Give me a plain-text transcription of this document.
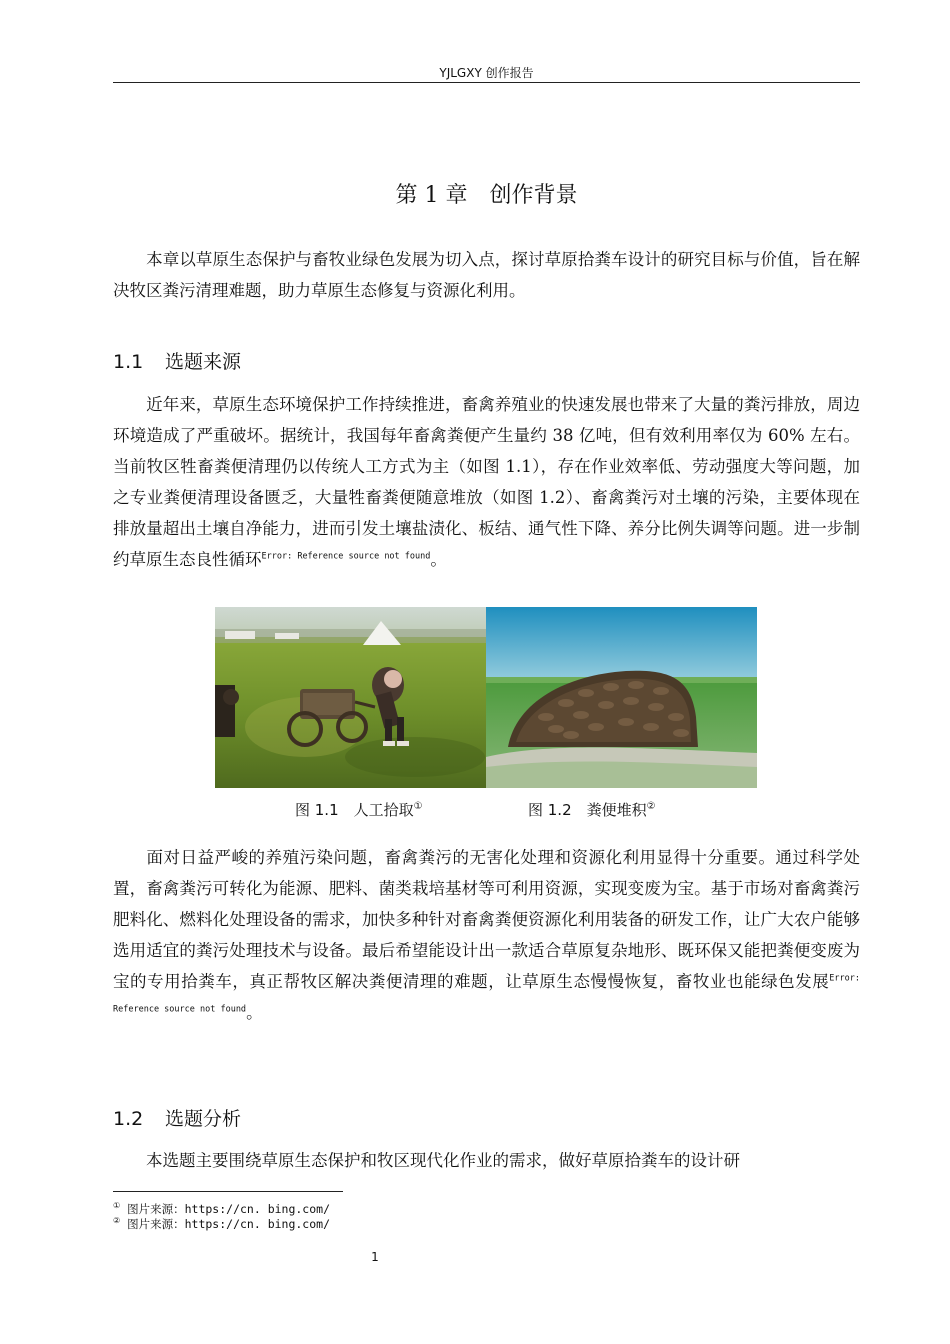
YJLGXY 创作报告
第 1 章 创作背景

本章以草原生态保护与畜牧业绿色发展为切入点，探讨草原拾粪车设计的研究目标与价值，旨在解决牧区粪污清理难题，助力草原生态修复与资源化利用。

1.1 选题来源

近年来，草原生态环境保护工作持续推进，畜禽养殖业的快速发展也带来了大量的粪污排放，周边环境造成了严重破坏。据统计，我国每年畜禽粪便产生量约 38 亿吨，但有效利用率仅为 60% 左右。当前牧区牲畜粪便清理仍以传统人工方式为主（如图 1.1），存在作业效率低、劳动强度大等问题，加之专业粪便清理设备匮乏，大量牲畜粪便随意堆放（如图 1.2）、畜禽粪污对土壤的污染，主要体现在排放量超出土壤自净能力，进而引发土壤盐渍化、板结、通气性下降、养分比例失调等问题。进一步制约草原生态良性循环$^{Error: Reference source not found}$。

图 1.1　人工拾取①	图 1.2　粪便堆积②

面对日益严峻的养殖污染问题，畜禽粪污的无害化处理和资源化利用显得十分重要。通过科学处置，畜禽粪污可转化为能源、肥料、菌类栽培基材等可利用资源，实现变废为宝。基于市场对畜禽粪污肥料化、燃料化处理设备的需求，加快多种针对畜禽粪便资源化利用装备的研发工作，让广大农户能够选用适宜的粪污处理技术与设备。最后希望能设计出一款适合草原复杂地形、既环保又能把粪便变废为宝的专用拾粪车，真正帮牧区解决粪便清理的难题，让草原生态慢慢恢复，畜牧业也能绿色发展$^{Error: Reference source not found}$。

1.2 选题分析

本选题主要围绕草原生态保护和牧区现代化作业的需求，做好草原拾粪车的设计研

① 图片来源：https://cn. bing.com/
② 图片来源：https://cn. bing.com/
1
